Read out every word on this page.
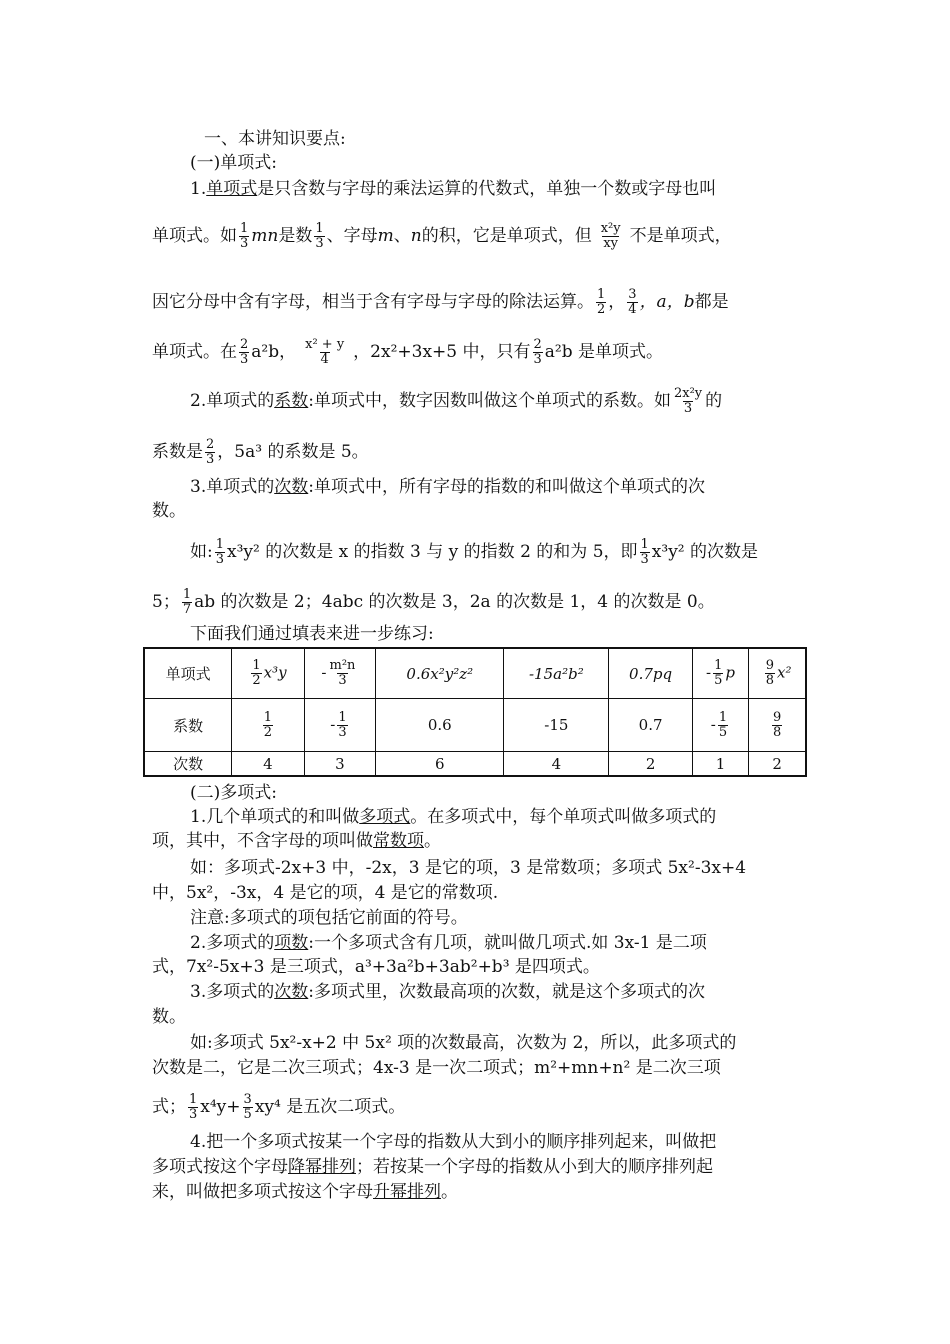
一、本讲知识要点:
(一)单项式:
1.单项式是只含数与字母的乘法运算的代数式，单独一个数或字母也叫
单项式。如 $\frac{1}{3}$ mn是数 $\frac{1}{3}$ 、字母m、n的积，它是单项式，但 $\frac{\text{x²y}}{xy}$ 不是单项式，
因它分母中含有字母，相当于含有字母与字母的除法运算。 $\frac{1}{2}$ ， $\frac{3}{4}$ ，a，b都是
单项式。在 $\frac{2}{3} a^2b$， $\frac{\text{x² + y}}{4}$ ，2x²+3x+5 中，只有 $\frac{2}{3} a^2b$ 是单项式。
2.单项式的系数:单项式中，数字因数叫做这个单项式的系数。如 $\frac{\text{2x²y}}{3}$ 的
系数是 $\frac{2}{3}$ ，5a³ 的系数是 5。
3.单项式的次数:单项式中，所有字母的指数的和叫做这个单项式的次
数。
如: $\frac{1}{3} x^3y^2$ 的次数是 x 的指数 3 与 y 的指数 2 的和为 5，即 $\frac{1}{3} x^3y^2$ 的次数是
5； $\frac{1}{7}$ ab 的次数是 2；4abc 的次数是 3，2a 的次数是 1，4 的次数是 0。
下面我们通过填表来进一步练习:
单项式	$\frac{1}{2} x^3y$	- $\frac{\text{m²n}}{3}$	0.6x²y²z²	-15a²b²	0.7pq	- $\frac{1}{5}$ p	$\frac{9}{8} x^2$
系数	$\frac{1}{2}$	- $\frac{1}{3}$	0.6	-15	0.7	- $\frac{1}{5}$	$\frac{9}{8}$

次数	4	3	6	4	2	1	2
(二)多项式:
1.几个单项式的和叫做多项式。在多项式中，每个单项式叫做多项式的
项，其中，不含字母的项叫做常数项。
如：多项式-2x+3 中，-2x，3 是它的项，3 是常数项；多项式 5x²-3x+4
中，5x²，-3x，4 是它的项，4 是它的常数项.
注意:多项式的项包括它前面的符号。
2.多项式的项数:一个多项式含有几项，就叫做几项式.如 3x-1 是二项
式，7x²-5x+3 是三项式，a³+3a²b+3ab²+b³ 是四项式。
3.多项式的次数:多项式里，次数最高项的次数，就是这个多项式的次
数。
如:多项式 5x²-x+2 中 5x² 项的次数最高，次数为 2，所以，此多项式的
次数是二，它是二次三项式；4x-3 是一次二项式；m²+mn+n² 是二次三项
式； $\frac{1}{3} x^4y+ \frac{3}{5} xy^4$ 是五次二项式。
4.把一个多项式按某一个字母的指数从大到小的顺序排列起来，叫做把
多项式按这个字母降幂排列；若按某一个字母的指数从小到大的顺序排列起
来，叫做把多项式按这个字母升幂排列。
